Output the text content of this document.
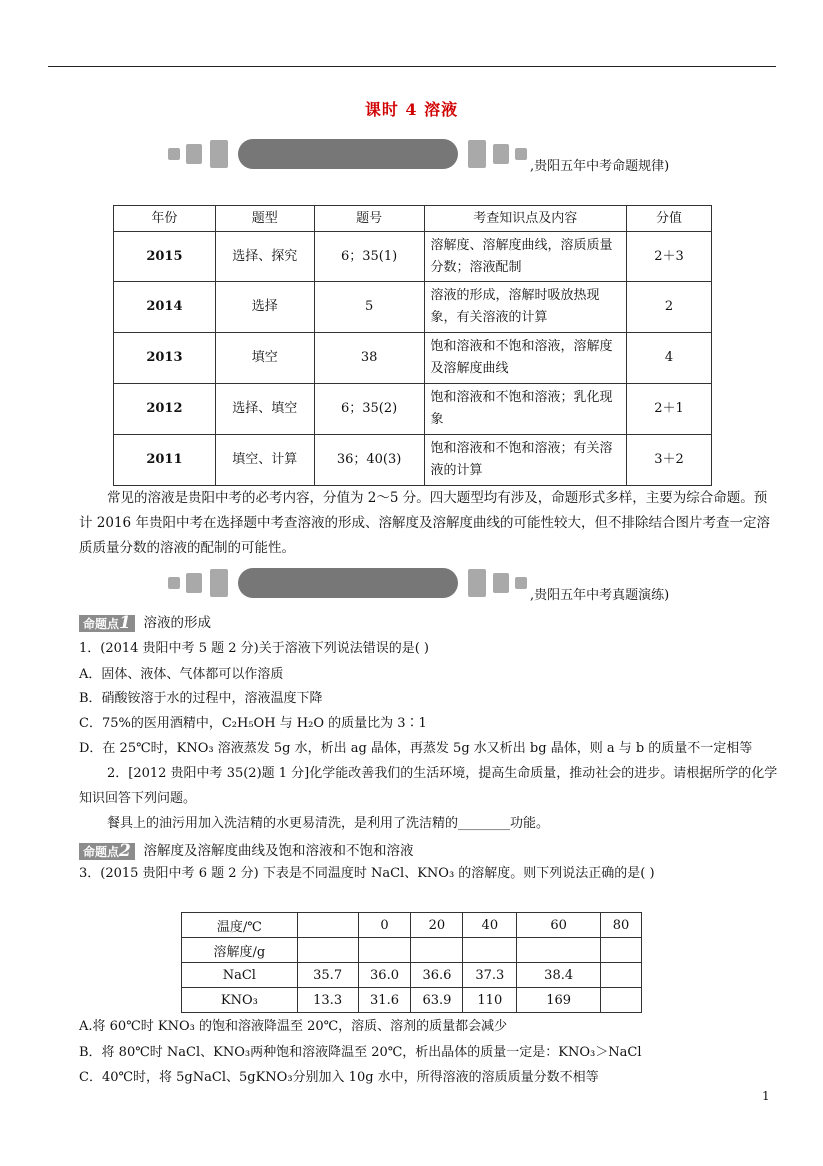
课时 4 溶液
,贵阳五年中考命题规律)
年份	题型	题号	考查知识点及内容	分值
2015	选择、探究	6；35(1)	溶解度、溶解度曲线，溶质质量分数；溶液配制	2＋3
2014	选择	5	溶液的形成，溶解时吸放热现象，有关溶液的计算	2
2013	填空	38	饱和溶液和不饱和溶液，溶解度及溶解度曲线	4
2012	选择、填空	6；35(2)	饱和溶液和不饱和溶液；乳化现象	2＋1
2011	填空、计算	36；40(3)	饱和溶液和不饱和溶液；有关溶液的计算	3＋2
常见的溶液是贵阳中考的必考内容，分值为 2～5 分。四大题型均有涉及，命题形式多样，主要为综合命题。预计 2016 年贵阳中考在选择题中考查溶液的形成、溶解度及溶解度曲线的可能性较大，但不排除结合图片考查一定溶质质量分数的溶液的配制的可能性。
,贵阳五年中考真题演练)
命题点1 溶液的形成
1．(2014 贵阳中考 5 题 2 分)关于溶液下列说法错误的是( )
A．固体、液体、气体都可以作溶质
B．硝酸铵溶于水的过程中，溶液温度下降
C．75%的医用酒精中，C₂H₅OH 与 H₂O 的质量比为 3∶1
D．在 25℃时，KNO₃ 溶液蒸发 5g 水，析出 ag 晶体，再蒸发 5g 水又析出 bg 晶体，则 a 与 b 的质量不一定相等
2．[2012 贵阳中考 35(2)题 1 分]化学能改善我们的生活环境，提高生命质量，推动社会的进步。请根据所学的化学知识回答下列问题。
餐具上的油污用加入洗洁精的水更易清洗，是利用了洗洁精的________功能。
命题点2 溶解度及溶解度曲线及饱和溶液和不饱和溶液
3．(2015 贵阳中考 6 题 2 分) 下表是不同温度时 NaCl、KNO₃ 的溶解度。则下列说法正确的是( )
温度/℃		0	20	40	60	80
溶解度/g						
NaCl	35.7	36.0	36.6	37.3	38.4	
KNO₃	13.3	31.6	63.9	110	169	
A.将 60℃时 KNO₃ 的饱和溶液降温至 20℃，溶质、溶剂的质量都会减少
B．将 80℃时 NaCl、KNO₃两种饱和溶液降温至 20℃，析出晶体的质量一定是：KNO₃＞NaCl
C．40℃时，将 5gNaCl、5gKNO₃分别加入 10g 水中，所得溶液的溶质质量分数不相等
1
